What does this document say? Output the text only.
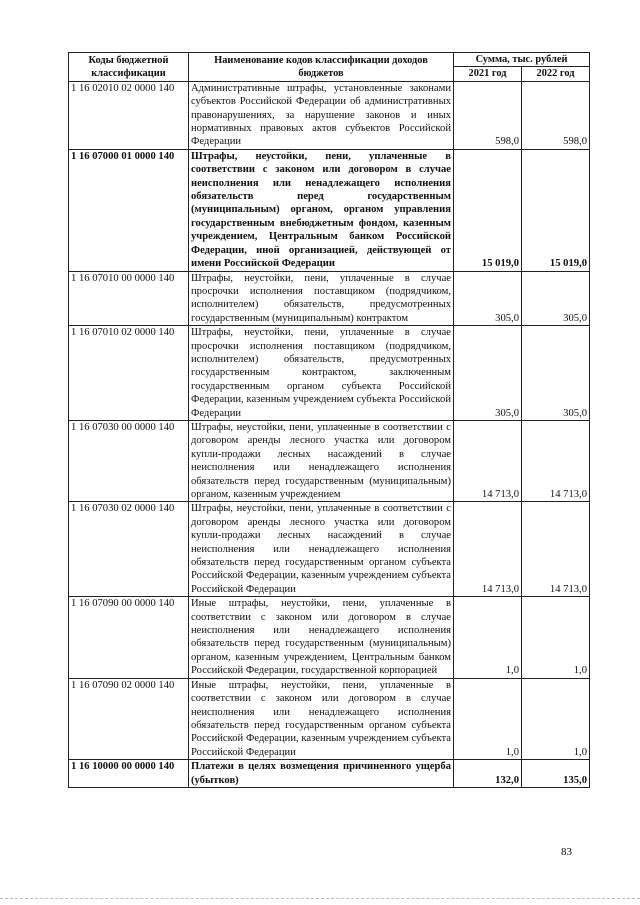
Коды бюджетной классификации	Наименование кодов классификации доходов бюджетов	Сумма, тыс. рублей	
		2021 год	2022 год
1 16 02010 02 0000 140	Административные штрафы, установленные законами субъектов Российской Федерации об административных правонарушениях, за нарушение законов и иных нормативных правовых актов субъектов Российской Федерации	598,0	598,0
1 16 07000 01 0000 140	Штрафы, неустойки, пени, уплаченные в соответствии с законом или договором в случае неисполнения или ненадлежащего исполнения обязательств перед государственным (муниципальным) органом, органом управления государственным внебюджетным фондом, казенным учреждением, Центральным банком Российской Федерации, иной организацией, действующей от имени Российской Федерации	15 019,0	15 019,0
1 16 07010 00 0000 140	Штрафы, неустойки, пени, уплаченные в случае просрочки исполнения поставщиком (подрядчиком, исполнителем) обязательств, предусмотренных государственным (муниципальным) контрактом	305,0	305,0
1 16 07010 02 0000 140	Штрафы, неустойки, пени, уплаченные в случае просрочки исполнения поставщиком (подрядчиком, исполнителем) обязательств, предусмотренных государственным контрактом, заключенным государственным органом субъекта Российской Федерации, казенным учреждением субъекта Российской Федерации	305,0	305,0
1 16 07030 00 0000 140	Штрафы, неустойки, пени, уплаченные в соответствии с договором аренды лесного участка или договором купли-продажи лесных насаждений в случае неисполнения или ненадлежащего исполнения обязательств перед государственным (муниципальным) органом, казенным учреждением	14 713,0	14 713,0
1 16 07030 02 0000 140	Штрафы, неустойки, пени, уплаченные в соответствии с договором аренды лесного участка или договором купли-продажи лесных насаждений в случае неисполнения или ненадлежащего исполнения обязательств перед государственным органом субъекта Российской Федерации, казенным учреждением субъекта Российской Федерации	14 713,0	14 713,0
1 16 07090 00 0000 140	Иные штрафы, неустойки, пени, уплаченные в соответствии с законом или договором в случае неисполнения или ненадлежащего исполнения обязательств перед государственным (муниципальным) органом, казенным учреждением, Центральным банком Российской Федерации, государственной корпорацией	1,0	1,0
1 16 07090 02 0000 140	Иные штрафы, неустойки, пени, уплаченные в соответствии с законом или договором в случае неисполнения или ненадлежащего исполнения обязательств перед государственным органом субъекта Российской Федерации, казенным учреждением субъекта Российской Федерации	1,0	1,0
1 16 10000 00 0000 140	Платежи в целях возмещения причиненного ущерба (убытков)	132,0	135,0
83
